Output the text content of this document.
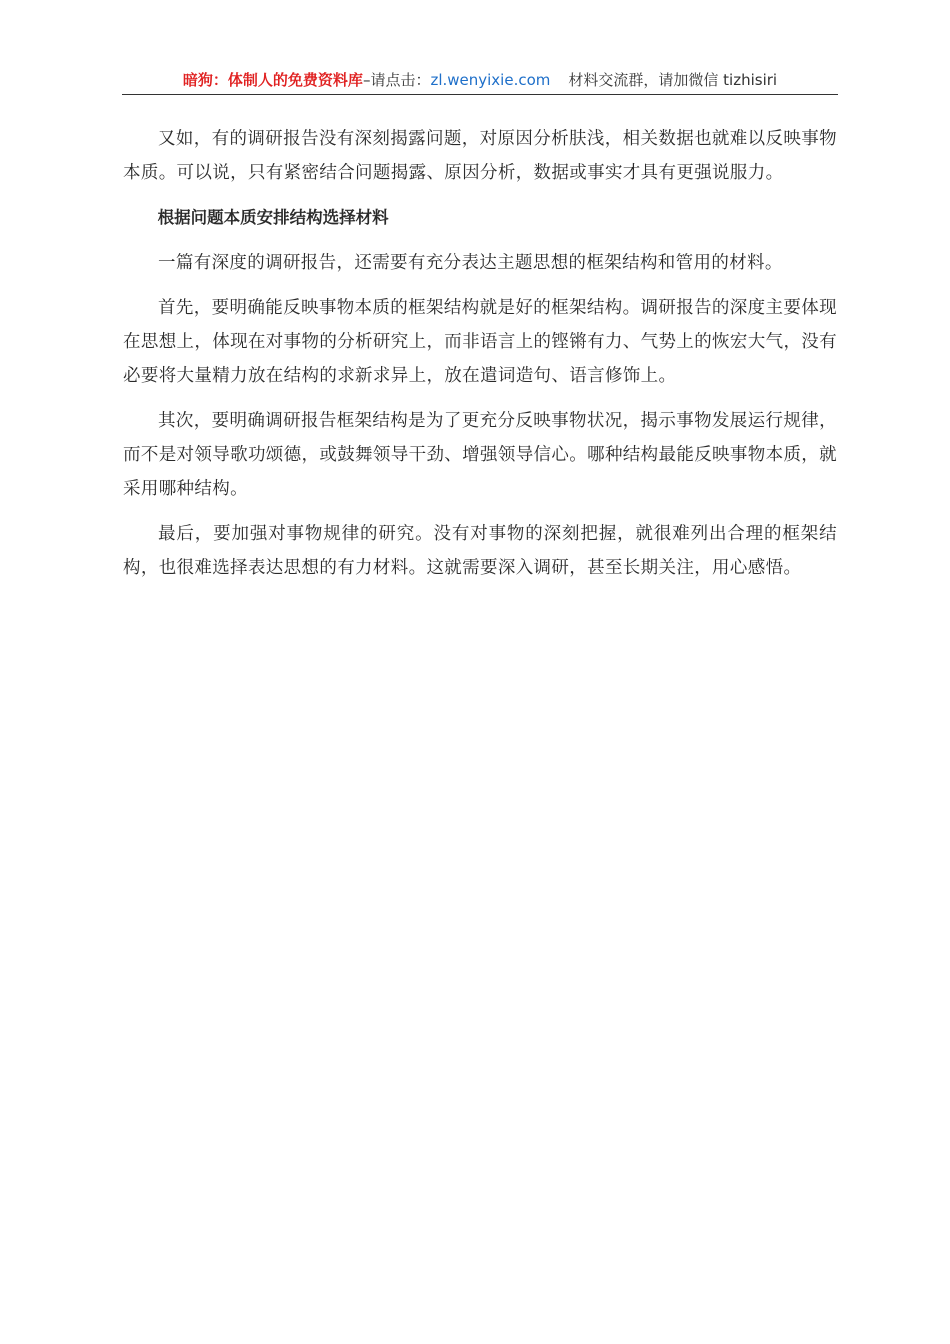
暗狗：体制人的免费资料库–请点击：zl.wenyixie.com 材料交流群，请加微信 tizhisiri

又如，有的调研报告没有深刻揭露问题，对原因分析肤浅，相关数据也就难以反映事物本质。可以说，只有紧密结合问题揭露、原因分析，数据或事实才具有更强说服力。

根据问题本质安排结构选择材料

一篇有深度的调研报告，还需要有充分表达主题思想的框架结构和管用的材料。

首先，要明确能反映事物本质的框架结构就是好的框架结构。调研报告的深度主要体现在思想上，体现在对事物的分析研究上，而非语言上的铿锵有力、气势上的恢宏大气，没有必要将大量精力放在结构的求新求异上，放在遣词造句、语言修饰上。

其次，要明确调研报告框架结构是为了更充分反映事物状况，揭示事物发展运行规律，而不是对领导歌功颂德，或鼓舞领导干劲、增强领导信心。哪种结构最能反映事物本质，就采用哪种结构。

最后，要加强对事物规律的研究。没有对事物的深刻把握，就很难列出合理的框架结构，也很难选择表达思想的有力材料。这就需要深入调研，甚至长期关注，用心感悟。
